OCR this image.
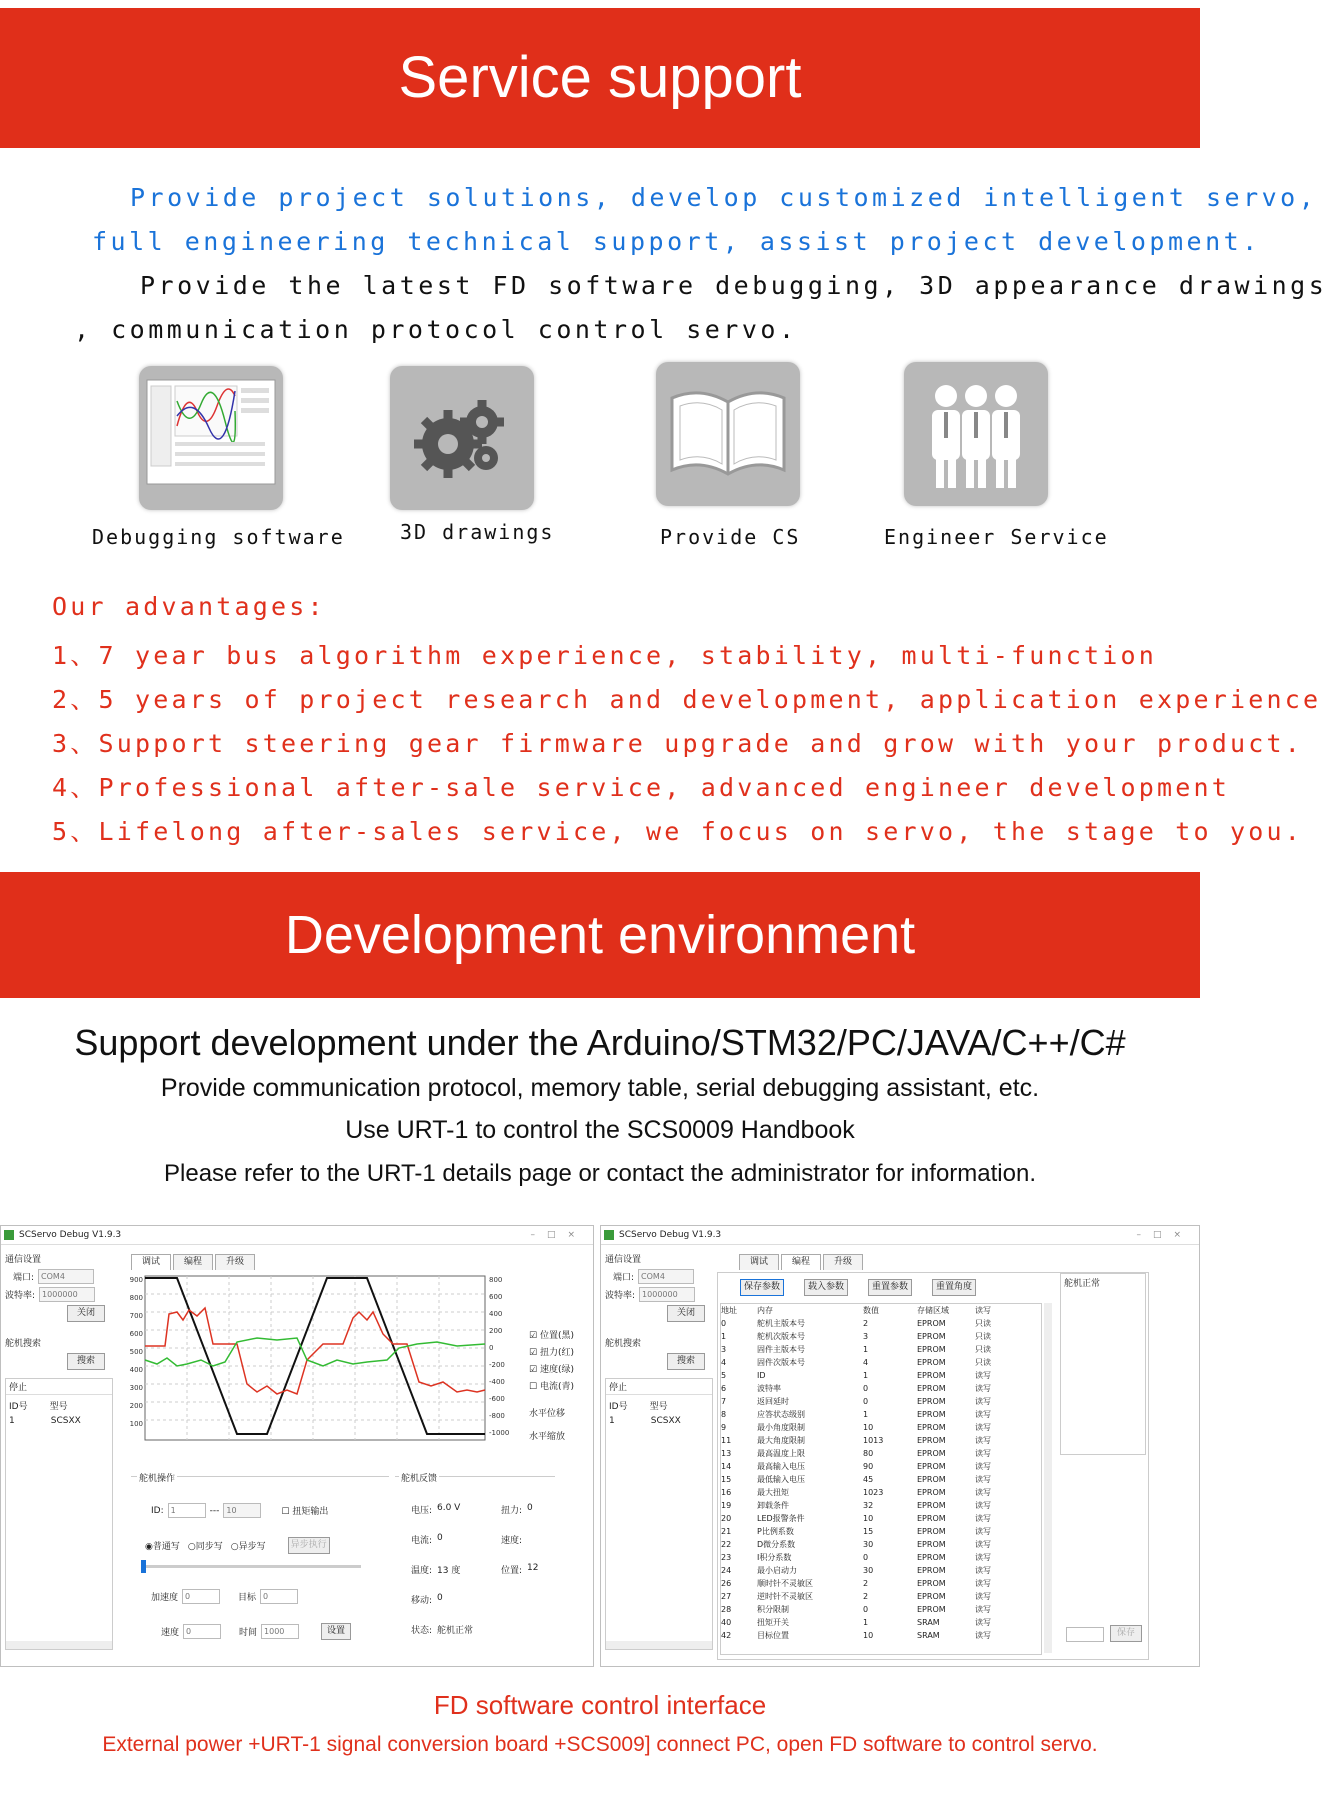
Service support
Provide project solutions, develop customized intelligent servo,
full engineering technical support, assist project development.
Provide the latest FD software debugging, 3D appearance drawings
, communication protocol control servo.
Debugging software	3D drawings	Provide CS	Engineer Service
Our advantages:
1、7 year bus algorithm experience, stability, multi-function
2、5 years of project research and development, application experience
3、Support steering gear firmware upgrade and grow with your product.
4、Professional after-sale service, advanced engineer development
5、Lifelong after-sales service, we focus on servo, the stage to you.
Development environment
Support development under the Arduino/STM32/PC/JAVA/C++/C#
Provide communication protocol, memory table, serial debugging assistant, etc.
Use URT-1 to control the SCS0009 Handbook
Please refer to the URT-1 details page or contact the administrator for information.
SCServo Debug V1.9.3	–□×
通信设置
端口: COM4
波特率: 1000000
关闭
舵机搜索
搜索
停止
ID号 型号
1	SCSXX
调试	编程	升级
900
800
700
600
500
400
300
200
100
800
600
400
200
0
-200
-400
-600
-800
-1000
☑ 位置(黑)
☑ 扭力(红)
☑ 速度(绿)
☐ 电流(青)
水平位移
水平缩放
舵机操作
ID: 1	--- 10	☐ 扭矩输出
◉普通写 ○同步写 ○异步写	异步执行
加速度 0	目标 0
速度 0	时间 1000	设置
舵机反馈
电压: 6.0 V	扭力: 0
电流: 0	速度:
温度: 13 度	位置: 12
移动: 0
状态: 舵机正常
SCServo Debug V1.9.3	–□×
通信设置
端口: COM4
波特率: 1000000
关闭
舵机搜索
搜索
停止
ID号 型号
1	SCSXX
调试	编程	升级
保存参数	载入参数	重置参数	重置角度
地址	内存	数值	存储区域	读写
0	舵机主版本号	2	EPROM	只读
1	舵机次版本号	3	EPROM	只读
3	固件主版本号	1	EPROM	只读
4	固件次版本号	4	EPROM	只读
5	ID	1	EPROM	读写
6	波特率	0	EPROM	读写
7	返回延时	0	EPROM	读写
8	应答状态级别	1	EPROM	读写
9	最小角度限制	10	EPROM	读写
11	最大角度限制	1013	EPROM	读写
13	最高温度上限	80	EPROM	读写
14	最高输入电压	90	EPROM	读写
15	最低输入电压	45	EPROM	读写
16	最大扭矩	1023	EPROM	读写
19	卸载条件	32	EPROM	读写
20	LED报警条件	10	EPROM	读写
21	P比例系数	15	EPROM	读写
22	D微分系数	30	EPROM	读写
23	I积分系数	0	EPROM	读写
24	最小启动力	30	EPROM	读写
26	顺时针不灵敏区	2	EPROM	读写
27	逆时针不灵敏区	2	EPROM	读写
28	积分限制	0	EPROM	读写
40	扭矩开关	1	SRAM	读写
42	目标位置	10	SRAM	读写
舵机正常
保存
FD software control interface
External power +URT-1 signal conversion board +SCS009] connect PC, open FD software to control servo.
